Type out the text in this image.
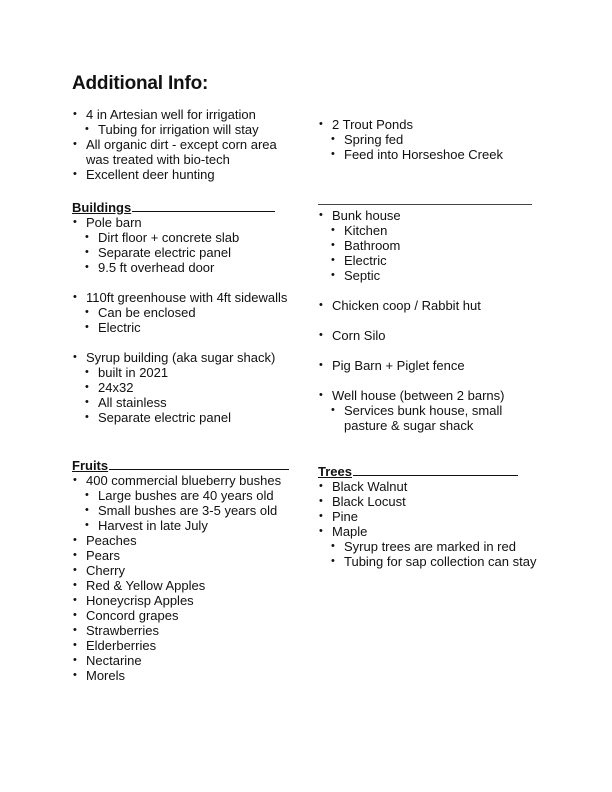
Additional Info:
• 4 in Artesian well for irrigation
• Tubing for irrigation will stay
• All organic dirt - except corn area
was treated with bio-tech
• Excellent deer hunting
Buildings
• Pole barn
• Dirt floor + concrete slab
• Separate electric panel
• 9.5 ft overhead door
• 110ft greenhouse with 4ft sidewalls
• Can be enclosed
• Electric
• Syrup building (aka sugar shack)
• built in 2021
• 24x32
• All stainless
• Separate electric panel
Fruits
• 400 commercial blueberry bushes
• Large bushes are 40 years old
• Small bushes are 3-5 years old
• Harvest in late July
• Peaches
• Pears
• Cherry
• Red & Yellow Apples
• Honeycrisp Apples
• Concord grapes
• Strawberries
• Elderberries
• Nectarine
• Morels
• 2 Trout Ponds
• Spring fed
• Feed into Horseshoe Creek
• Bunk house
• Kitchen
• Bathroom
• Electric
• Septic
• Chicken coop / Rabbit hut
• Corn Silo
• Pig Barn + Piglet fence
• Well house (between 2 barns)
• Services bunk house, small
pasture & sugar shack
Trees
• Black Walnut
• Black Locust
• Pine
• Maple
• Syrup trees are marked in red
• Tubing for sap collection can stay
